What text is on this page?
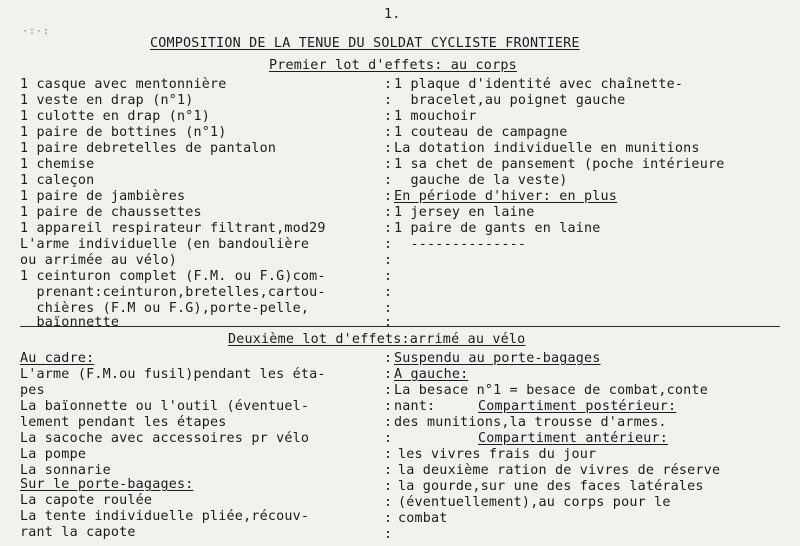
·:·:
1.
COMPOSITION DE LA TENUE DU SOLDAT CYCLISTE FRONTIERE
Premier lot d'effets: au corps
1 casque avec mentonnière
1 veste en drap (n°1)
1 culotte en drap (n°1)
1 paire de bottines (n°1)
1 paire debretelles de pantalon
1 chemise
1 caleçon
1 paire de jambières
1 paire de chaussettes
1 appareil respirateur filtrant,mod29
L'arme individuelle (en bandoulière
ou arrimée au vélo)
1 ceinturon complet (F.M. ou F.G)com-
prenant:ceinturon,bretelles,cartou-
chières (F.M ou F.G),porte-pelle,
baïonnette
1 plaque d'identité avec chaînette-
bracelet,au poignet gauche
1 mouchoir
1 couteau de campagne
La dotation individuelle en munitions
1 sa chet de pansement (poche intérieure
gauche de la veste)
En période d'hiver: en plus
1 jersey en laine
1 paire de gants en laine
--------------
Deuxième lot d'effets:arrimé au vélo
Au cadre:
L'arme (F.M.ou fusil)pendant les éta-
pes
La baïonnette ou l'outil (éventuel-
lement pendant les étapes
La sacoche avec accessoires pr vélo
La pompe
La sonnarie
Sur le porte-bagages:
La capote roulée
La tente individuelle pliée,récouv-
rant la capote
Suspendu au porte-bagages
A gauche:
La besace n°1 = besace de combat,conte
nant:	Compartiment postérieur:
des munitions,la trousse d'armes.
Compartiment antérieur:
les vivres frais du jour
la deuxième ration de vivres de réserve
la gourde,sur une des faces latérales
(éventuellement),au corps pour le
combat
:
:
:
:
:
:
:
:
:
:
:
:
:
:
:
:
:
:
:
:
:
:
:
:
:
:
:
:
